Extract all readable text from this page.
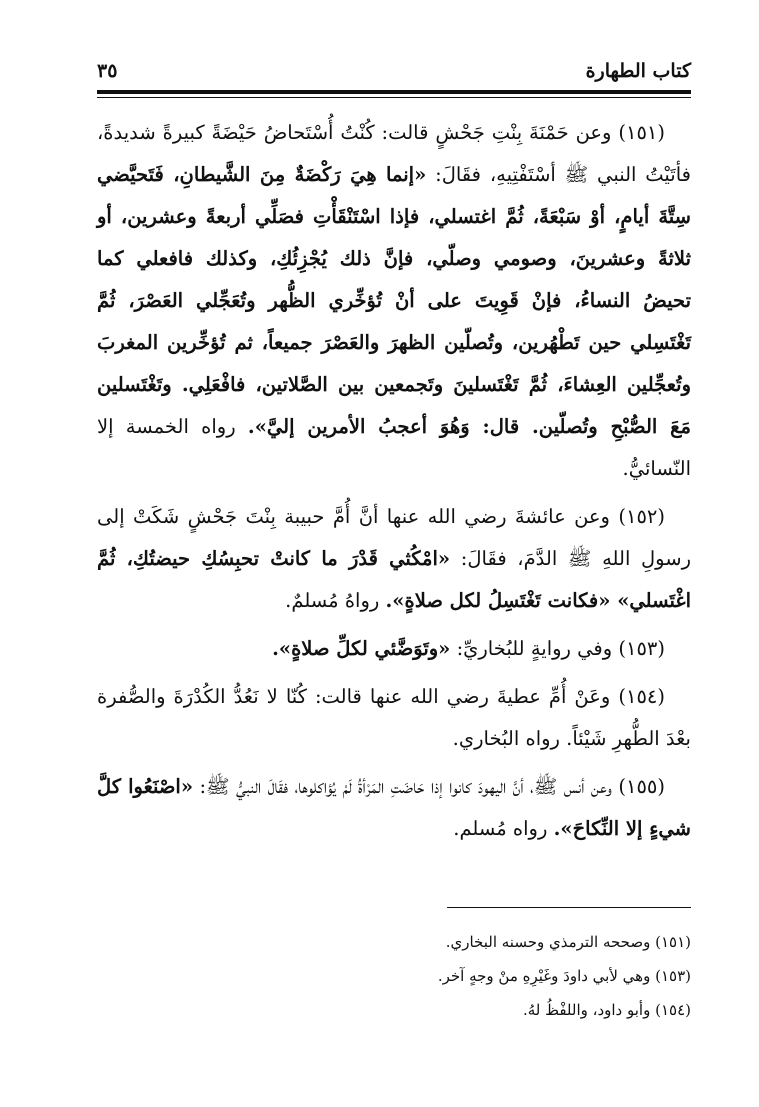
كتاب الطهارة
٣٥

(١٥١) وعن حَمْنَةَ بِنْتِ جَحْشٍ قالت: كُنْتُ أُسْتَحاضُ حَيْضَةً كبيرةً شديدةً، فأتَيْتُ النبي ﷺ أسْتَفْتِيهِ، فقَالَ: «إنما هِيَ رَكْضَةٌ مِنَ الشَّيطانِ، فَتَحيَّضي سِتَّةَ أيامٍ، أوْ سَبْعَةً، ثُمَّ اغتسلي، فإذا اسْتَنْقَأْتِ فصَلِّي أربعةً وعشرين، أو ثلاثةً وعشرينَ، وصومي وصلّي، فإنَّ ذلك يُجْزِئُكِ، وكذلك فافعلي كما تحيضُ النساءُ، فإنْ قَوِيتَ على أنْ تُؤخِّري الظُّهر وتُعَجِّلي العَصْرَ، ثُمَّ تَغْتَسِلي حين تَطْهُرين، وتُصلّين الظهرَ والعَصْرَ جميعاً، ثم تُؤخِّرين المغربَ وتُعجِّلين العِشاءَ، ثُمَّ تَغْتَسلينَ وتَجمعين بين الصَّلاتين، فافْعَلِي. وتَغْتَسلين مَعَ الصُّبْحِ وتُصلّين. قال: وَهُوَ أعجبُ الأمرين إليَّ». رواه الخمسة إلا النّسائيُّ.

(١٥٢) وعن عائشةَ رضي الله عنها أنَّ أُمَّ حبيبة بِنْتَ جَحْشٍ شَكَتْ إلى رسولِ اللهِ ﷺ الدَّمَ، فقَالَ: «امْكُثي قَدْرَ ما كانتْ تحبِسُكِ حيضتُكِ، ثُمَّ اغْتَسلي» «فكانت تَغْتَسِلُ لكل صلاةٍ». رواهُ مُسلمٌ.

(١٥٣) وفي روايةٍ للبُخاريِّ: «وتَوَضَّئي لكلِّ صلاةٍ».

(١٥٤) وعَنْ أُمِّ عطيةَ رضي الله عنها قالت: كُنّا لا نَعُدُّ الكُدْرَةَ والصُّفرة بعْدَ الطُّهرِ شَيْئاً. رواه البُخاري.

(١٥٥) وعن أنس ﷺ، أنَّ اليهودَ كانوا إذا حَاضَتِ المَرْأةُ لَمْ يُؤاكلوها، فقَالَ النبيُّ ﷺ: «اصْنَعُوا كلَّ شيءٍ إلا النِّكاحَ». رواه مُسلم.

(١٥١) وصححه الترمذي وحسنه البخاري.

(١٥٣) وهي لأبي داودَ وغَيْرِهِ منْ وجهٍ آخر.

(١٥٤) وأبو داود، واللفْظُ لهُ.
